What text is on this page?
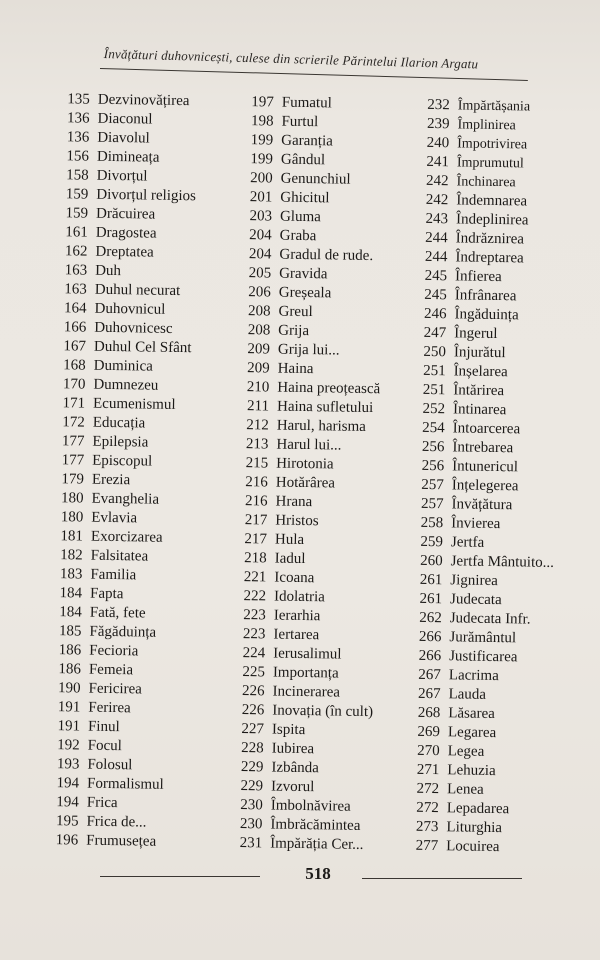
Învățături duhovnicești, culese din scrierile Părintelui Ilarion Argatu
135 Dezvinovățirea
136 Diaconul
136 Diavolul
156 Dimineața
158 Divorțul
159 Divorțul religios
159 Drăcuirea
161 Dragostea
162 Dreptatea
163 Duh
163 Duhul necurat
164 Duhovnicul
166 Duhovnicesc
167 Duhul Cel Sfânt
168 Duminica
170 Dumnezeu
171 Ecumenismul
172 Educația
177 Epilepsia
177 Episcopul
179 Erezia
180 Evanghelia
180 Evlavia
181 Exorcizarea
182 Falsitatea
183 Familia
184 Fapta
184 Fată, fete
185 Făgăduința
186 Fecioria
186 Femeia
190 Fericirea
191 Ferirea
191 Finul
192 Focul
193 Folosul
194 Formalismul
194 Frica
195 Frica de...
196 Frumusețea
197 Fumatul
198 Furtul
199 Garanția
199 Gândul
200 Genunchiul
201 Ghicitul
203 Gluma
204 Graba
204 Gradul de rude.
205 Gravida
206 Greșeala
208 Greul
208 Grija
209 Grija lui...
209 Haina
210 Haina preoțească
211 Haina sufletului
212 Harul, harisma
213 Harul lui...
215 Hirotonia
216 Hotărârea
216 Hrana
217 Hristos
217 Hula
218 Iadul
221 Icoana
222 Idolatria
223 Ierarhia
223 Iertarea
224 Ierusalimul
225 Importanța
226 Incinerarea
226 Inovația (în cult)
227 Ispita
228 Iubirea
229 Izbânda
229 Izvorul
230 Îmbolnăvirea
230 Îmbrăcămintea
231 Împărăția Cer...
232 Împărtășania
239 Împlinirea
240 Împotrivirea
241 Împrumutul
242 Închinarea
242 Îndemnarea
243 Îndeplinirea
244 Îndrăznirea
244 Îndreptarea
245 Înfierea
245 Înfrânarea
246 Îngăduința
247 Îngerul
250 Înjurătul
251 Înșelarea
251 Întărirea
252 Întinarea
254 Întoarcerea
256 Întrebarea
256 Întunericul
257 Înțelegerea
257 Învățătura
258 Învierea
259 Jertfa
260 Jertfa Mântuito...
261 Jignirea
261 Judecata
262 Judecata Infr.
266 Jurământul
266 Justificarea
267 Lacrima
267 Lauda
268 Lăsarea
269 Legarea
270 Legea
271 Lehuzia
272 Lenea
272 Lepadarea
273 Liturghia
277 Locuirea
518
